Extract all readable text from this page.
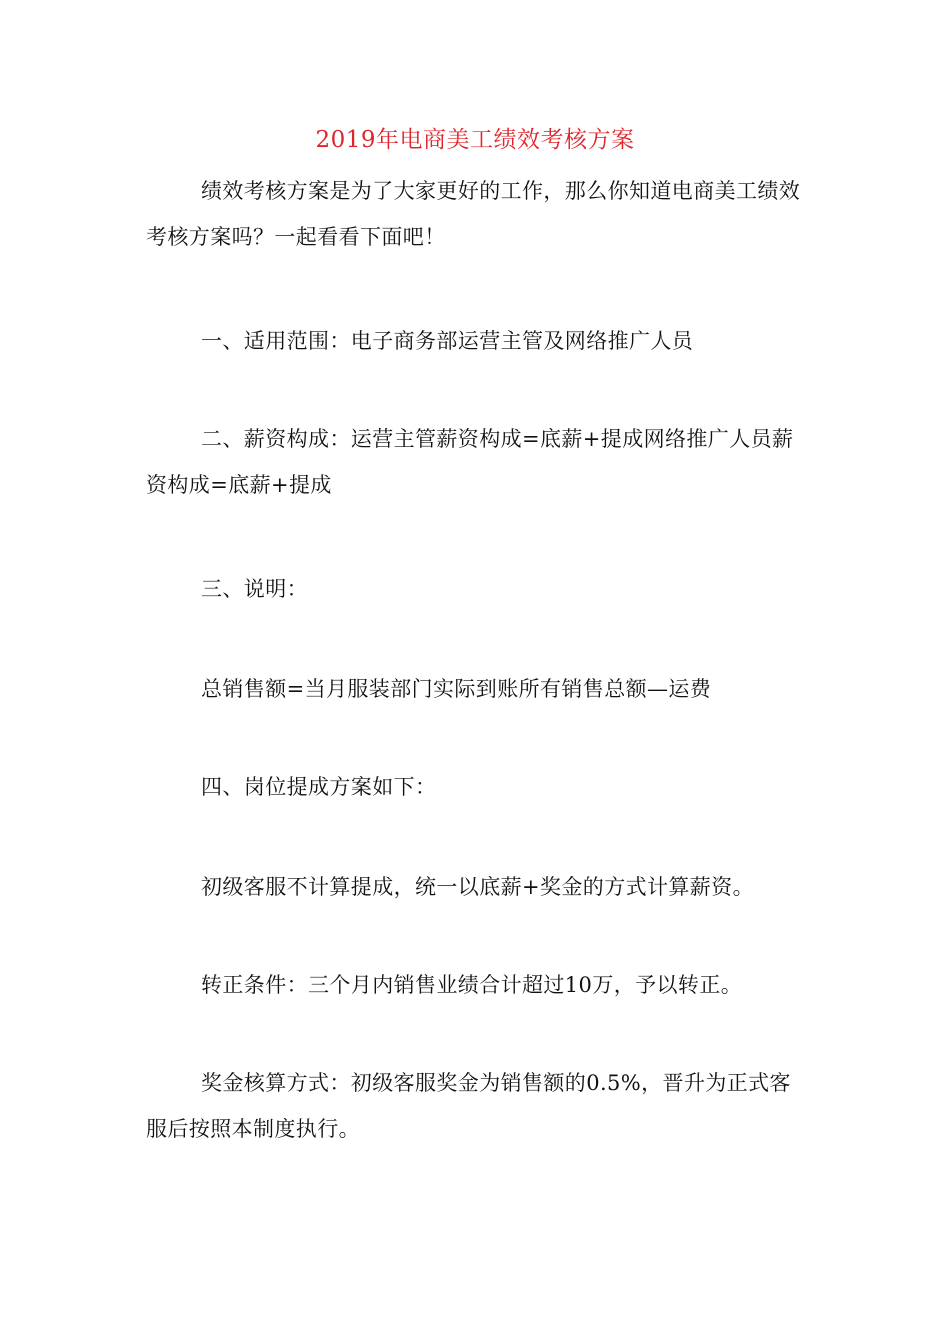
2019年电商美工绩效考核方案

绩效考核方案是为了大家更好的工作，那么你知道电商美工绩效考核方案吗？一起看看下面吧！

一、适用范围：电子商务部运营主管及网络推广人员

二、薪资构成：运营主管薪资构成=底薪+提成网络推广人员薪资构成=底薪+提成

三、说明：

总销售额=当月服装部门实际到账所有销售总额—运费

四、岗位提成方案如下：

初级客服不计算提成，统一以底薪+奖金的方式计算薪资。

转正条件：三个月内销售业绩合计超过10万，予以转正。

奖金核算方式：初级客服奖金为销售额的0.5%，晋升为正式客服后按照本制度执行。
